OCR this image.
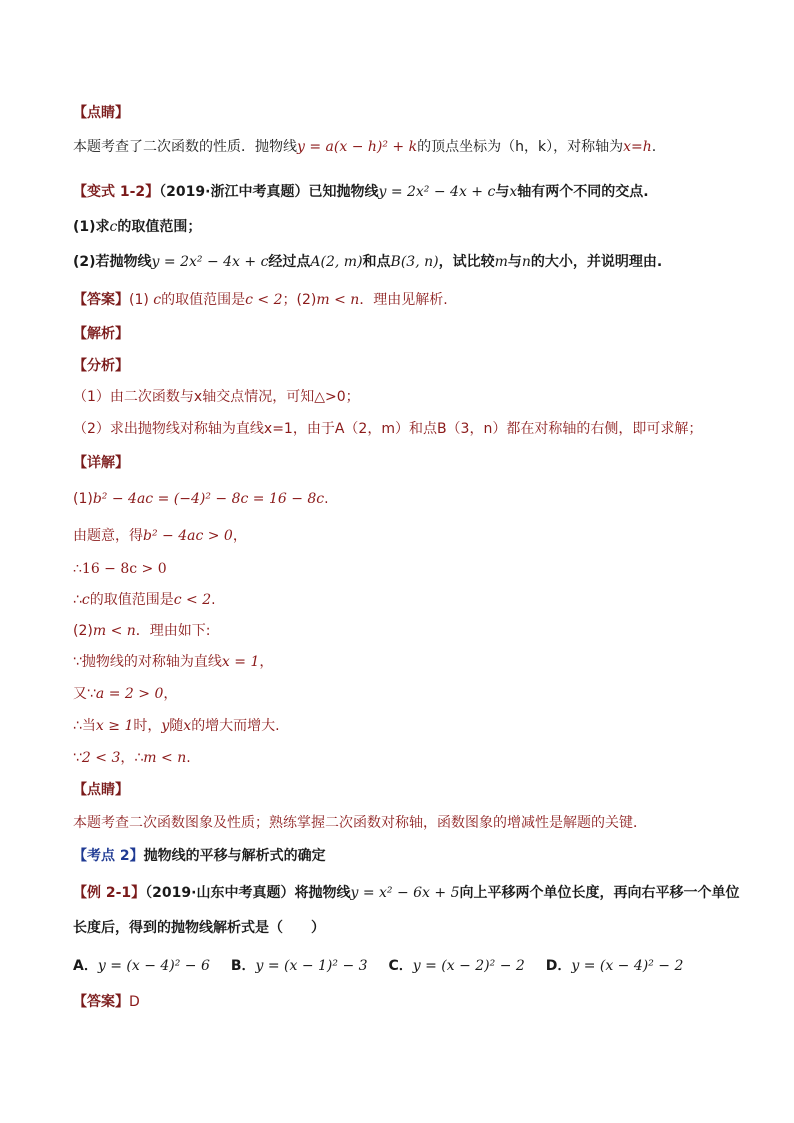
【点睛】
本题考查了二次函数的性质．抛物线y = a(x − h)² + k的顶点坐标为（h，k），对称轴为x=h.
【变式 1-2】（2019·浙江中考真题）已知抛物线y = 2x² − 4x + c与x轴有两个不同的交点.
(1)求c的取值范围；
(2)若抛物线y = 2x² − 4x + c经过点A(2, m)和点B(3, n)，试比较m与n的大小，并说明理由.
【答案】(1) c的取值范围是c < 2；(2)m < n．理由见解析.
【解析】
【分析】
（1）由二次函数与x轴交点情况，可知△>0；
（2）求出抛物线对称轴为直线x=1，由于A（2，m）和点B（3，n）都在对称轴的右侧，即可求解；
【详解】
(1)b² − 4ac = (−4)² − 8c = 16 − 8c.
由题意，得b² − 4ac > 0，
∴16 − 8c > 0
∴c的取值范围是c < 2.
(2)m < n．理由如下:
∵抛物线的对称轴为直线x = 1，
又∵a = 2 > 0，
∴当x ≥ 1时，y随x的增大而增大.
∵2 < 3，∴m < n.
【点睛】
本题考查二次函数图象及性质；熟练掌握二次函数对称轴，函数图象的增减性是解题的关键．
【考点 2】抛物线的平移与解析式的确定
【例 2-1】（2019·山东中考真题）将抛物线y = x² − 6x + 5向上平移两个单位长度，再向右平移一个单位
长度后，得到的抛物线解析式是（　　）
A．y = (x − 4)² − 6 B．y = (x − 1)² − 3 C．y = (x − 2)² − 2 D．y = (x − 4)² − 2
【答案】D
